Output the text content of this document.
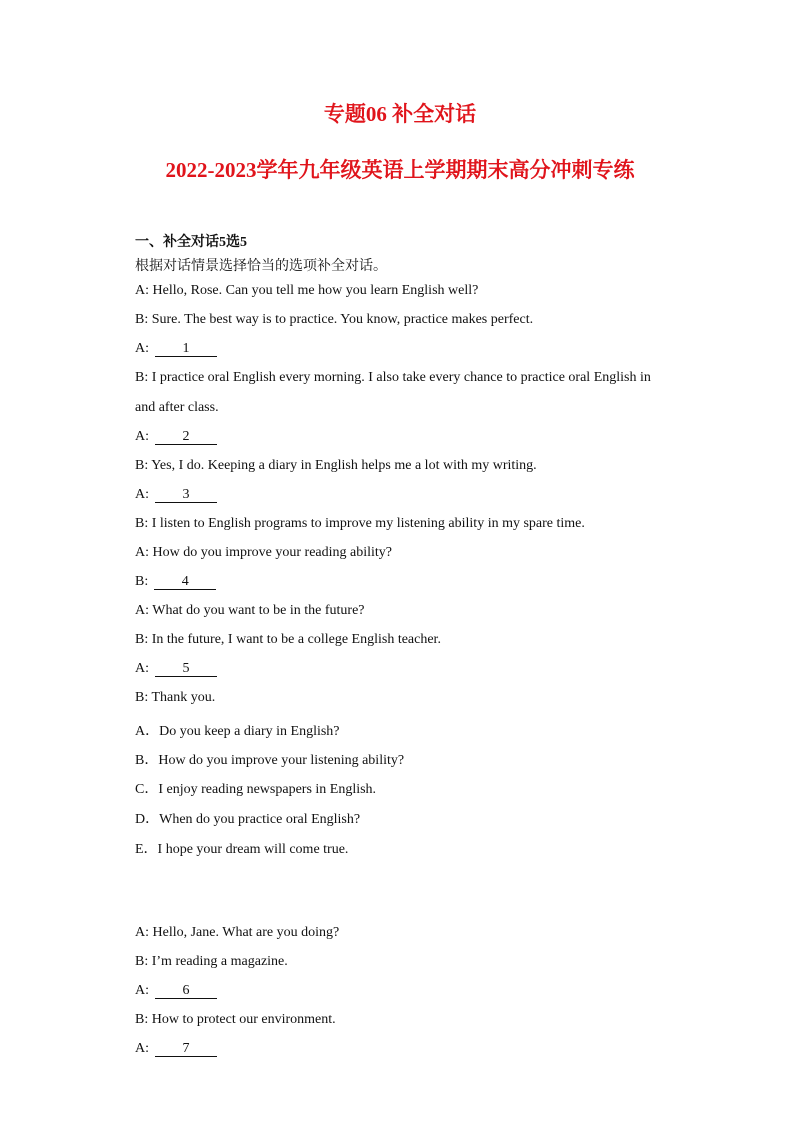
专题06 补全对话
2022-2023学年九年级英语上学期期末高分冲刺专练
一、补全对话5选5
根据对话情景选择恰当的选项补全对话。
A: Hello, Rose. Can you tell me how you learn English well?
B: Sure. The best way is to practice. You know, practice makes perfect.
A: 1
B: I practice oral English every morning. I also take every chance to practice oral English in
and after class.
A: 2
B: Yes, I do. Keeping a diary in English helps me a lot with my writing.
A: 3
B: I listen to English programs to improve my listening ability in my spare time.
A: How do you improve your reading ability?
B: 4
A: What do you want to be in the future?
B: In the future, I want to be a college English teacher.
A: 5
B: Thank you.
A．Do you keep a diary in English?
B．How do you improve your listening ability?
C．I enjoy reading newspapers in English.
D．When do you practice oral English?
E．I hope your dream will come true.
A: Hello, Jane. What are you doing?
B: I’m reading a magazine.
A: 6
B: How to protect our environment.
A: 7
